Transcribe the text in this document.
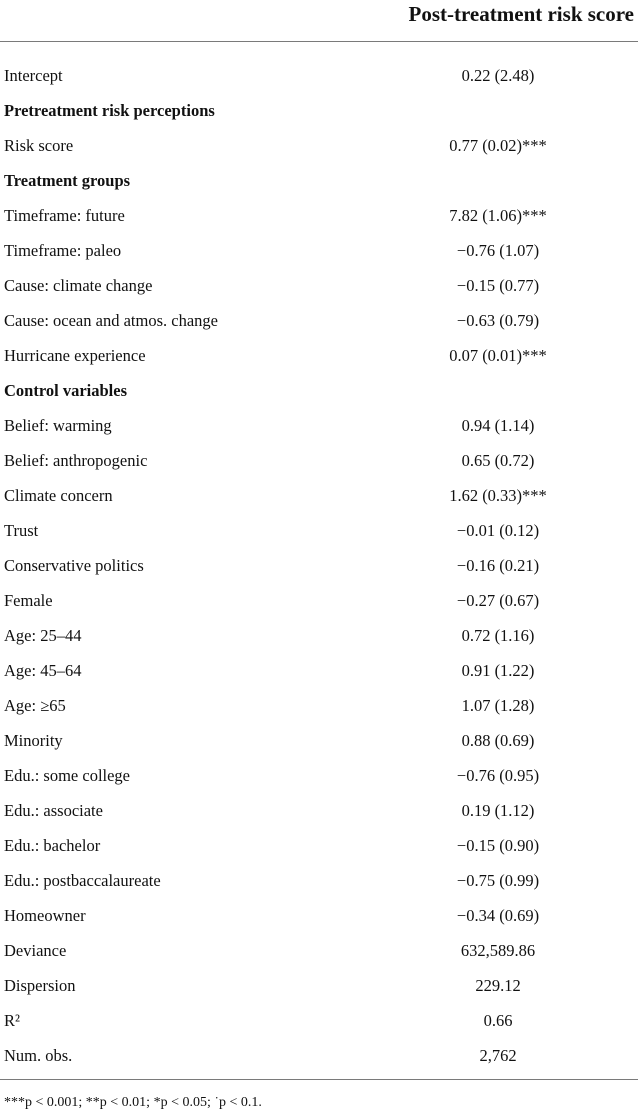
Post-treatment risk score
Intercept	0.22 (2.48)
Pretreatment risk perceptions
Risk score	0.77 (0.02)***
Treatment groups
Timeframe: future	7.82 (1.06)***
Timeframe: paleo	−0.76 (1.07)
Cause: climate change	−0.15 (0.77)
Cause: ocean and atmos. change	−0.63 (0.79)
Hurricane experience	0.07 (0.01)***
Control variables
Belief: warming	0.94 (1.14)
Belief: anthropogenic	0.65 (0.72)
Climate concern	1.62 (0.33)***
Trust	−0.01 (0.12)
Conservative politics	−0.16 (0.21)
Female	−0.27 (0.67)
Age: 25–44	0.72 (1.16)
Age: 45–64	0.91 (1.22)
Age: ≥65	1.07 (1.28)
Minority	0.88 (0.69)
Edu.: some college	−0.76 (0.95)
Edu.: associate	0.19 (1.12)
Edu.: bachelor	−0.15 (0.90)
Edu.: postbaccalaureate	−0.75 (0.99)
Homeowner	−0.34 (0.69)
Deviance	632,589.86
Dispersion	229.12
R²	0.66
Num. obs.	2,762
***p < 0.001; **p < 0.01; *p < 0.05; ˙p < 0.1.
